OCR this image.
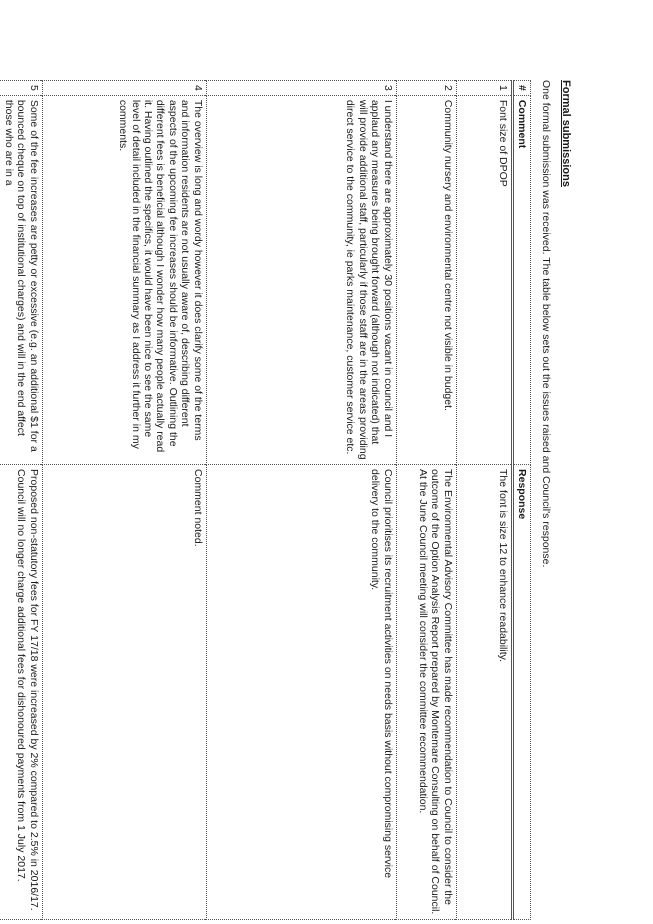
Formal submissions
One formal submission was received. The table below sets out the issues raised and Council's response.
#	Comment	Response
1	Font size of DPOP	The font is size 12 to enhance readability.
2	Community nursery and environmental centre not visible in budget.	The Environmental Advisory Committee has made recommendation to Council to consider the outcome of the Option Analysis Report prepared by Montemare Consulting on behalf of Council. At the June Council meeting will consider the committee recommendation.
3	I understand there are approximately 30 positions vacant in council and I applaud any measures being brought forward (although not indicated) that will provide additional staff, particularly if those staff are in the areas providing direct service to the community, ie parks maintenance, customer service etc.	Council prioritises its recruitment activities on needs basis without compromising service delivery to the community.
4	The overview is long and wordy however it does clarify some of the terms and information residents are not usually aware of, describing different aspects of the upcoming fee increases should be informative. Outlining the different fees is beneficial although I wonder how many people actually read it. Having outlined the specifics, it would have been nice to see the same level of detail included in the financial summary as I address it further in my comments.	Comment noted.
5	Some of the fee increases are petty or excessive (e.g. an additional $1 for a bounced cheque on top of institutional charges) and will in the end affect those who are in a	Proposed non-statutory fees for FY 17/18 were increased by 2% compared to 2.5% in 2016/17. Council will no longer charge additional fees for dishonoured payments from 1 July 2017.
